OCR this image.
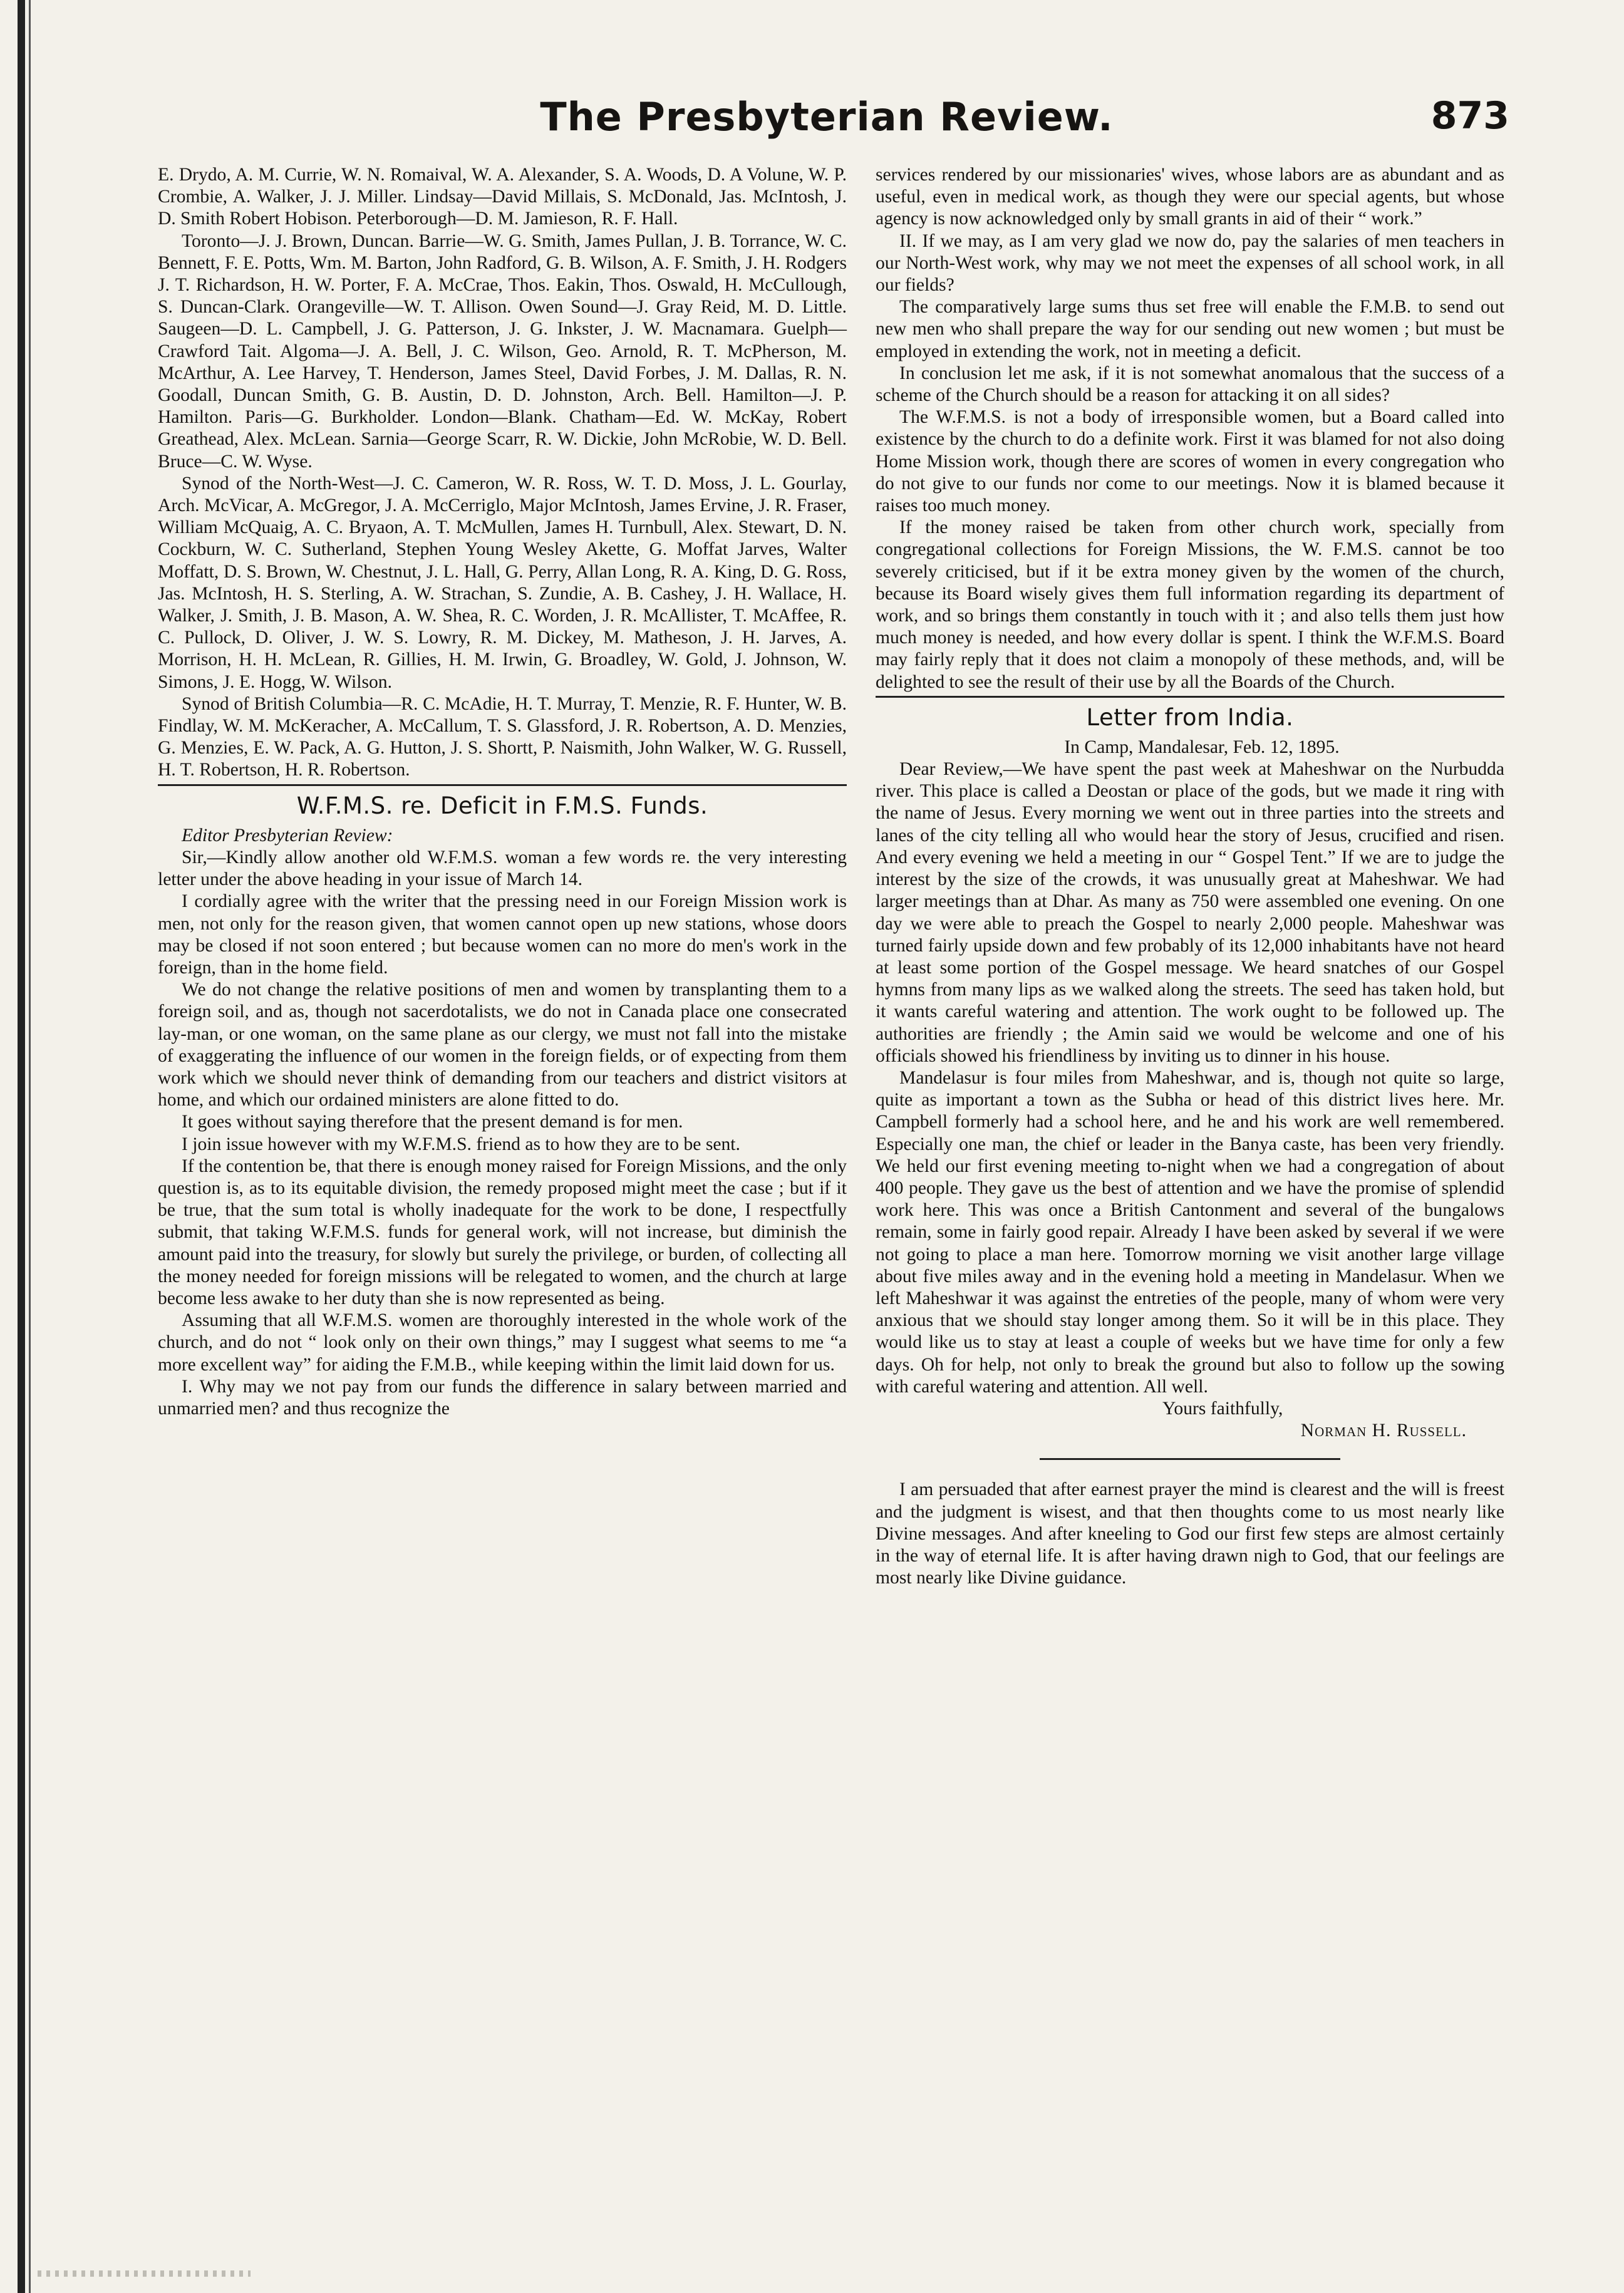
The Presbyterian Review.	873

E. Drydo, A. M. Currie, W. N. Romaival, W. A. Alexander, S. A. Woods, D. A Volune, W. P. Crombie, A. Walker, J. J. Miller. Lindsay—David Millais, S. McDonald, Jas. McIntosh, J. D. Smith Robert Hobison. Peterborough—D. M. Jamieson, R. F. Hall.

Toronto—J. J. Brown, Duncan. Barrie—W. G. Smith, James Pullan, J. B. Torrance, W. C. Bennett, F. E. Potts, Wm. M. Barton, John Radford, G. B. Wilson, A. F. Smith, J. H. Rodgers J. T. Richardson, H. W. Porter, F. A. McCrae, Thos. Eakin, Thos. Oswald, H. McCullough, S. Duncan-Clark. Orangeville—W. T. Allison. Owen Sound—J. Gray Reid, M. D. Little. Saugeen—D. L. Campbell, J. G. Patterson, J. G. Inkster, J. W. Macnamara. Guelph—Crawford Tait. Algoma—J. A. Bell, J. C. Wilson, Geo. Arnold, R. T. McPherson, M. McArthur, A. Lee Harvey, T. Henderson, James Steel, David Forbes, J. M. Dallas, R. N. Goodall, Duncan Smith, G. B. Austin, D. D. Johnston, Arch. Bell. Hamilton—J. P. Hamilton. Paris—G. Burkholder. London—Blank. Chatham—Ed. W. McKay, Robert Greathead, Alex. McLean. Sarnia—George Scarr, R. W. Dickie, John McRobie, W. D. Bell. Bruce—C. W. Wyse.

Synod of the North-West—J. C. Cameron, W. R. Ross, W. T. D. Moss, J. L. Gourlay, Arch. McVicar, A. McGregor, J. A. McCerriglo, Major McIntosh, James Ervine, J. R. Fraser, William McQuaig, A. C. Bryaon, A. T. McMullen, James H. Turnbull, Alex. Stewart, D. N. Cockburn, W. C. Sutherland, Stephen Young Wesley Akette, G. Moffat Jarves, Walter Moffatt, D. S. Brown, W. Chestnut, J. L. Hall, G. Perry, Allan Long, R. A. King, D. G. Ross, Jas. McIntosh, H. S. Sterling, A. W. Strachan, S. Zundie, A. B. Cashey, J. H. Wallace, H. Walker, J. Smith, J. B. Mason, A. W. Shea, R. C. Worden, J. R. McAllister, T. McAffee, R. C. Pullock, D. Oliver, J. W. S. Lowry, R. M. Dickey, M. Matheson, J. H. Jarves, A. Morrison, H. H. McLean, R. Gillies, H. M. Irwin, G. Broadley, W. Gold, J. Johnson, W. Simons, J. E. Hogg, W. Wilson.

Synod of British Columbia—R. C. McAdie, H. T. Murray, T. Menzie, R. F. Hunter, W. B. Findlay, W. M. McKeracher, A. McCallum, T. S. Glassford, J. R. Robertson, A. D. Menzies, G. Menzies, E. W. Pack, A. G. Hutton, J. S. Shortt, P. Naismith, John Walker, W. G. Russell, H. T. Robertson, H. R. Robertson.

W.F.M.S. re. Deficit in F.M.S. Funds.

Editor Presbyterian Review:

Sir,—Kindly allow another old W.F.M.S. woman a few words re. the very interesting letter under the above heading in your issue of March 14.

I cordially agree with the writer that the pressing need in our Foreign Mission work is men, not only for the reason given, that women cannot open up new stations, whose doors may be closed if not soon entered ; but because women can no more do men's work in the foreign, than in the home field.

We do not change the relative positions of men and women by transplanting them to a foreign soil, and as, though not sacerdotalists, we do not in Canada place one consecrated lay-man, or one woman, on the same plane as our clergy, we must not fall into the mistake of exaggerating the influence of our women in the foreign fields, or of expecting from them work which we should never think of demanding from our teachers and district visitors at home, and which our ordained ministers are alone fitted to do.

It goes without saying therefore that the present demand is for men.

I join issue however with my W.F.M.S. friend as to how they are to be sent.

If the contention be, that there is enough money raised for Foreign Missions, and the only question is, as to its equitable division, the remedy proposed might meet the case ; but if it be true, that the sum total is wholly inadequate for the work to be done, I respectfully submit, that taking W.F.M.S. funds for general work, will not increase, but diminish the amount paid into the treasury, for slowly but surely the privilege, or burden, of collecting all the money needed for foreign missions will be relegated to women, and the church at large become less awake to her duty than she is now represented as being.

Assuming that all W.F.M.S. women are thoroughly interested in the whole work of the church, and do not “ look only on their own things,” may I suggest what seems to me “a more excellent way” for aiding the F.M.B., while keeping within the limit laid down for us.

I. Why may we not pay from our funds the difference in salary between married and unmarried men? and thus recognize the

services rendered by our missionaries' wives, whose labors are as abundant and as useful, even in medical work, as though they were our special agents, but whose agency is now acknowledged only by small grants in aid of their “ work.”

II. If we may, as I am very glad we now do, pay the salaries of men teachers in our North-West work, why may we not meet the expenses of all school work, in all our fields?

The comparatively large sums thus set free will enable the F.M.B. to send out new men who shall prepare the way for our sending out new women ; but must be employed in extending the work, not in meeting a deficit.

In conclusion let me ask, if it is not somewhat anomalous that the success of a scheme of the Church should be a reason for attacking it on all sides?

The W.F.M.S. is not a body of irresponsible women, but a Board called into existence by the church to do a definite work. First it was blamed for not also doing Home Mission work, though there are scores of women in every congregation who do not give to our funds nor come to our meetings. Now it is blamed because it raises too much money.

If the money raised be taken from other church work, specially from congregational collections for Foreign Missions, the W. F.M.S. cannot be too severely criticised, but if it be extra money given by the women of the church, because its Board wisely gives them full information regarding its department of work, and so brings them constantly in touch with it ; and also tells them just how much money is needed, and how every dollar is spent. I think the W.F.M.S. Board may fairly reply that it does not claim a monopoly of these methods, and, will be delighted to see the result of their use by all the Boards of the Church.

Letter from India.

In Camp, Mandalesar, Feb. 12, 1895.

Dear Review,—We have spent the past week at Maheshwar on the Nurbudda river. This place is called a Deostan or place of the gods, but we made it ring with the name of Jesus. Every morning we went out in three parties into the streets and lanes of the city telling all who would hear the story of Jesus, crucified and risen. And every evening we held a meeting in our “ Gospel Tent.” If we are to judge the interest by the size of the crowds, it was unusually great at Maheshwar. We had larger meetings than at Dhar. As many as 750 were assembled one evening. On one day we were able to preach the Gospel to nearly 2,000 people. Maheshwar was turned fairly upside down and few probably of its 12,000 inhabitants have not heard at least some portion of the Gospel message. We heard snatches of our Gospel hymns from many lips as we walked along the streets. The seed has taken hold, but it wants careful watering and attention. The work ought to be followed up. The authorities are friendly ; the Amin said we would be welcome and one of his officials showed his friendliness by inviting us to dinner in his house.

Mandelasur is four miles from Maheshwar, and is, though not quite so large, quite as important a town as the Subha or head of this district lives here. Mr. Campbell formerly had a school here, and he and his work are well remembered. Especially one man, the chief or leader in the Banya caste, has been very friendly. We held our first evening meeting to-night when we had a congregation of about 400 people. They gave us the best of attention and we have the promise of splendid work here. This was once a British Cantonment and several of the bungalows remain, some in fairly good repair. Already I have been asked by several if we were not going to place a man here. Tomorrow morning we visit another large village about five miles away and in the evening hold a meeting in Mandelasur. When we left Maheshwar it was against the entreties of the people, many of whom were very anxious that we should stay longer among them. So it will be in this place. They would like us to stay at least a couple of weeks but we have time for only a few days. Oh for help, not only to break the ground but also to follow up the sowing with careful watering and attention. All well.

Yours faithfully,

Norman H. Russell.

I am persuaded that after earnest prayer the mind is clearest and the will is freest and the judgment is wisest, and that then thoughts come to us most nearly like Divine messages. And after kneeling to God our first few steps are almost certainly in the way of eternal life. It is after having drawn nigh to God, that our feelings are most nearly like Divine guidance.
